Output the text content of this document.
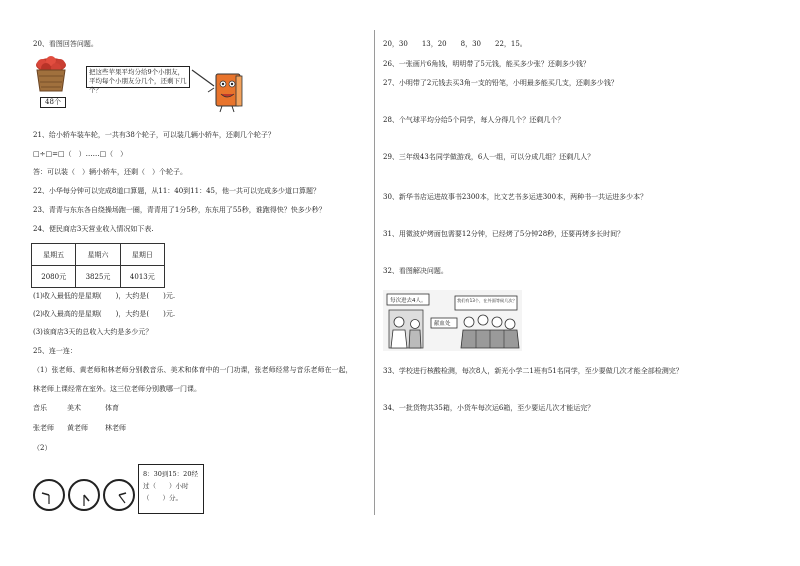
20、看图回答问题。
48个
把这些苹果平均分给9个小朋友，平均每个小朋友分几个，还剩下几个？
21、给小轿车装车轮，一共有38个轮子，可以装几辆小轿车，还剩几个轮子？
□÷□=□（　）……□（　）
答：可以装（　）辆小轿车，还剩（　）个轮子。
22、小华每分钟可以完成8道口算题，从11：40到11：45，他一共可以完成多少道口算题？
23、青青与东东各自绕操场跑一圈，青青用了1分5秒，东东用了55秒，谁跑得快？快多少秒？
24、便民商店3天营业收入情况如下表.
星期五	星期六	星期日
2080元	3825元	4013元
(1)收入最低的是星期(　　)，大约是(　　)元.
(2)收入最高的是星期(　　)，大约是(　　)元.
(3)该商店3天的总收入大约是多少元？
25、连一连：
（1）张老师、黄老师和林老师分别教音乐、美术和体育中的一门功课，张老师经常与音乐老师在一起，
林老师上课经常在室外。这三位老师分别教哪一门课。
音乐	美术	体育
张老师 黄老师 林老师
（2）
8：30到15：20经
过（　　）小时
（　　）分。
20，30　　13，20　　8，30　　22，15。
26、一张画片6角钱，明明带了5元钱，能买多少张？还剩多少钱？
27、小明带了2元钱去买3角一支的铅笔，小明最多能买几支，还剩多少钱？
28、个气球平均分给5个同学，每人分得几个？还剩几个？
29、三年级43名同学做游戏，6人一组，可以分成几组？还剩几人？
30、新华书店运进故事书2300本，比文艺书多运进300本，两种书一共运进多少本？
31、用微波炉烤面包需要12分钟，已经烤了5分钟28秒，还要再烤多长时间？
32、看图解决问题。
每次进去4人。	我们有13个，在外面等候几次？
献血处
33、学校进行核酸检测，每次8人，新光小学二1班有51名同学，至少要做几次才能全部检测完？
34、一批货物共35箱，小货车每次运6箱，至少要运几次才能运完？
